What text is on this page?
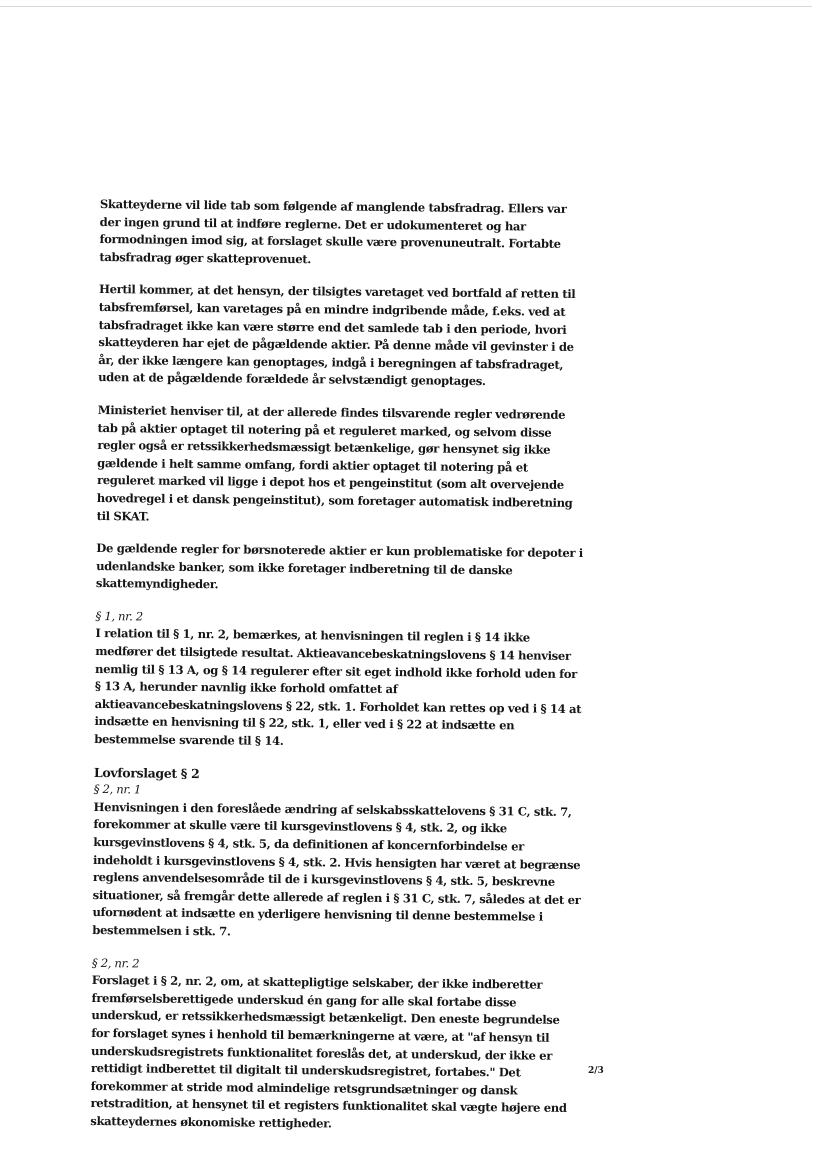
Skatteyderne vil lide tab som følgende af manglende tabsfradrag. Ellers var der ingen grund til at indføre reglerne. Det er udokumenteret og har formodningen imod sig, at forslaget skulle være provenuneutralt. Fortabte tabsfradrag øger skatteprovenuet.

Hertil kommer, at det hensyn, der tilsigtes varetaget ved bortfald af retten til tabsfremførsel, kan varetages på en mindre indgribende måde, f.eks. ved at tabsfradraget ikke kan være større end det samlede tab i den periode, hvori skatteyderen har ejet de pågældende aktier. På denne måde vil gevinster i de år, der ikke længere kan genoptages, indgå i beregningen af tabsfradraget, uden at de pågældende forældede år selvstændigt genoptages.

Ministeriet henviser til, at der allerede findes tilsvarende regler vedrørende tab på aktier optaget til notering på et reguleret marked, og selvom disse regler også er retssikkerhedsmæssigt betænkelige, gør hensynet sig ikke gældende i helt samme omfang, fordi aktier optaget til notering på et reguleret marked vil ligge i depot hos et pengeinstitut (som alt overvejende hovedregel i et dansk pengeinstitut), som foretager automatisk indberetning til SKAT.

De gældende regler for børsnoterede aktier er kun problematiske for depoter i udenlandske banker, som ikke foretager indberetning til de danske skattemyndigheder.

§ 1, nr. 2

I relation til § 1, nr. 2, bemærkes, at henvisningen til reglen i § 14 ikke medfører det tilsigtede resultat. Aktieavancebeskatningslovens § 14 henviser nemlig til § 13 A, og § 14 regulerer efter sit eget indhold ikke forhold uden for § 13 A, herunder navnlig ikke forhold omfattet af aktieavancebeskatningslovens § 22, stk. 1. Forholdet kan rettes op ved i § 14 at indsætte en henvisning til § 22, stk. 1, eller ved i § 22 at indsætte en bestemmelse svarende til § 14.

Lovforslaget § 2
§ 2, nr. 1

Henvisningen i den foreslåede ændring af selskabsskattelovens § 31 C, stk. 7, forekommer at skulle være til kursgevinstlovens § 4, stk. 2, og ikke kursgevinstlovens § 4, stk. 5, da definitionen af koncernforbindelse er indeholdt i kursgevinstlovens § 4, stk. 2. Hvis hensigten har været at begrænse reglens anvendelsesområde til de i kursgevinstlovens § 4, stk. 5, beskrevne situationer, så fremgår dette allerede af reglen i § 31 C, stk. 7, således at det er ufornødent at indsætte en yderligere henvisning til denne bestemmelse i bestemmelsen i stk. 7.

§ 2, nr. 2

Forslaget i § 2, nr. 2, om, at skattepligtige selskaber, der ikke indberetter fremførselsberettigede underskud én gang for alle skal fortabe disse underskud, er retssikkerhedsmæssigt betænkeligt. Den eneste begrundelse for forslaget synes i henhold til bemærkningerne at være, at "af hensyn til underskudsregistrets funktionalitet foreslås det, at underskud, der ikke er rettidigt indberettet til digitalt til underskudsregistret, fortabes." Det forekommer at stride mod almindelige retsgrundsætninger og dansk retstradition, at hensynet til et registers funktionalitet skal vægte højere end skatteydernes økonomiske rettigheder.

2/3
